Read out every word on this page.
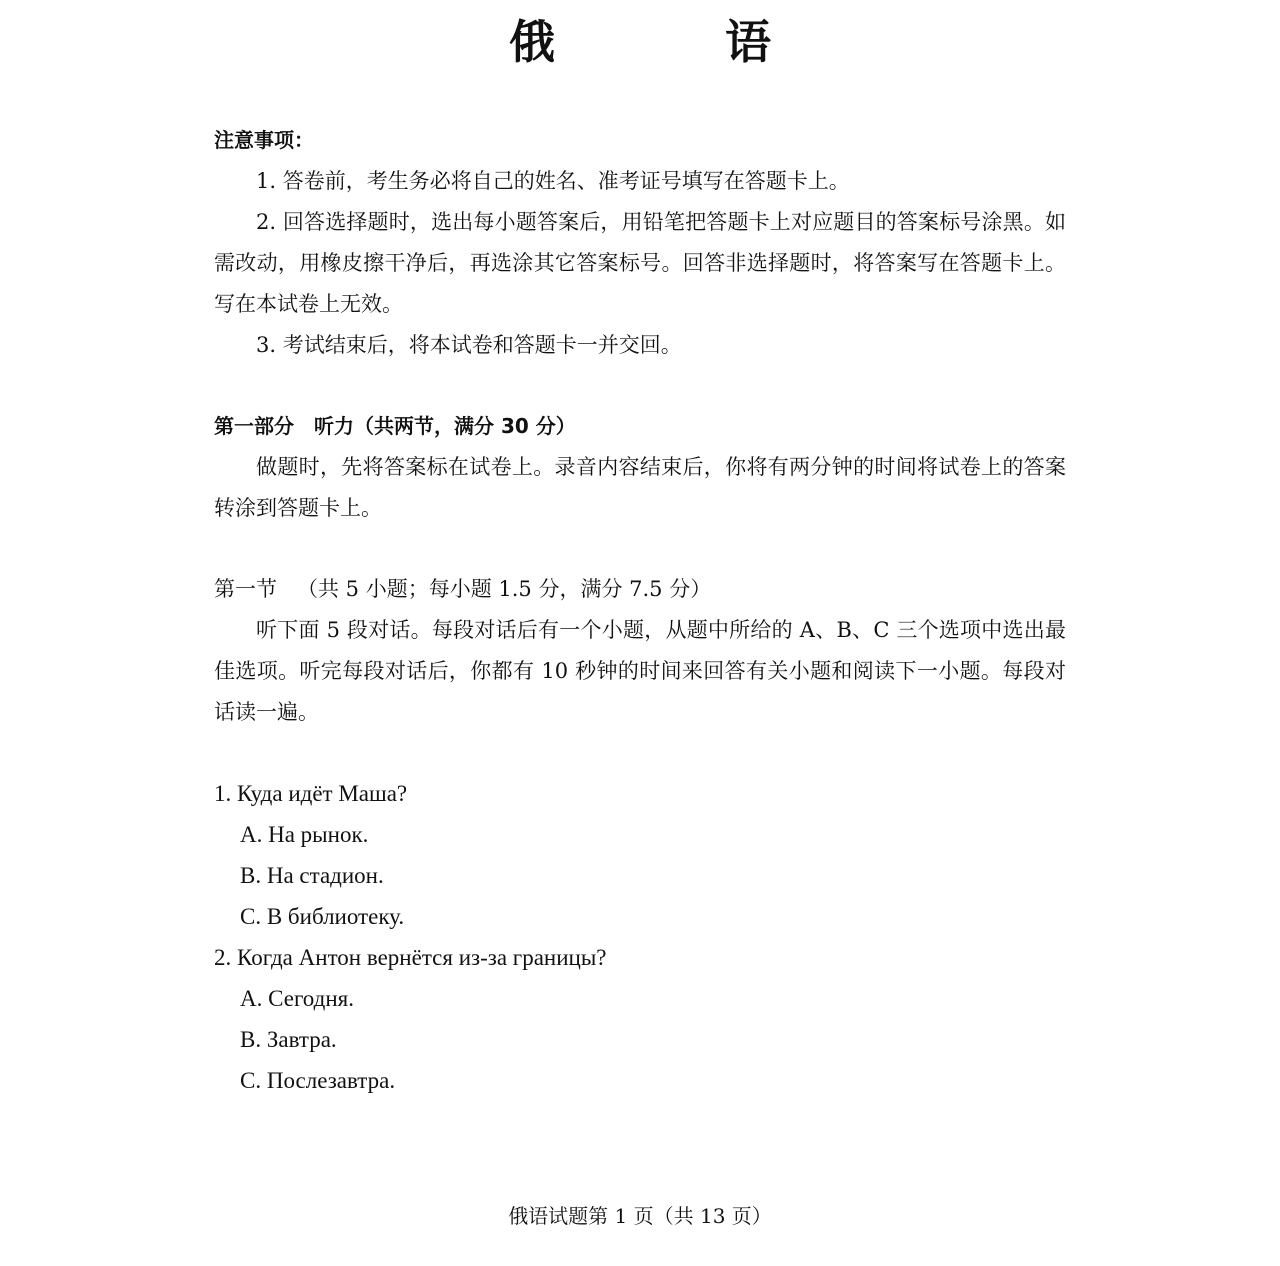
俄　语
注意事项：

1. 答卷前，考生务必将自己的姓名、准考证号填写在答题卡上。

2. 回答选择题时，选出每小题答案后，用铅笔把答题卡上对应题目的答案标号涂黑。如需改动，用橡皮擦干净后，再选涂其它答案标号。回答非选择题时，将答案写在答题卡上。写在本试卷上无效。

3. 考试结束后，将本试卷和答题卡一并交回。

第一部分　听力（共两节，满分 30 分）

做题时，先将答案标在试卷上。录音内容结束后，你将有两分钟的时间将试卷上的答案转涂到答题卡上。

第一节 （共 5 小题；每小题 1.5 分，满分 7.5 分）

听下面 5 段对话。每段对话后有一个小题，从题中所给的 A、B、C 三个选项中选出最佳选项。听完每段对话后，你都有 10 秒钟的时间来回答有关小题和阅读下一小题。每段对话读一遍。

1. Куда идёт Маша?

A. На рынок.

B. На стадион.

C. В библиотеку.

2. Когда Антон вернётся из-за границы?

A. Сегодня.

B. Завтра.

C. Послезавтра.

俄语试题第 1 页（共 13 页）
